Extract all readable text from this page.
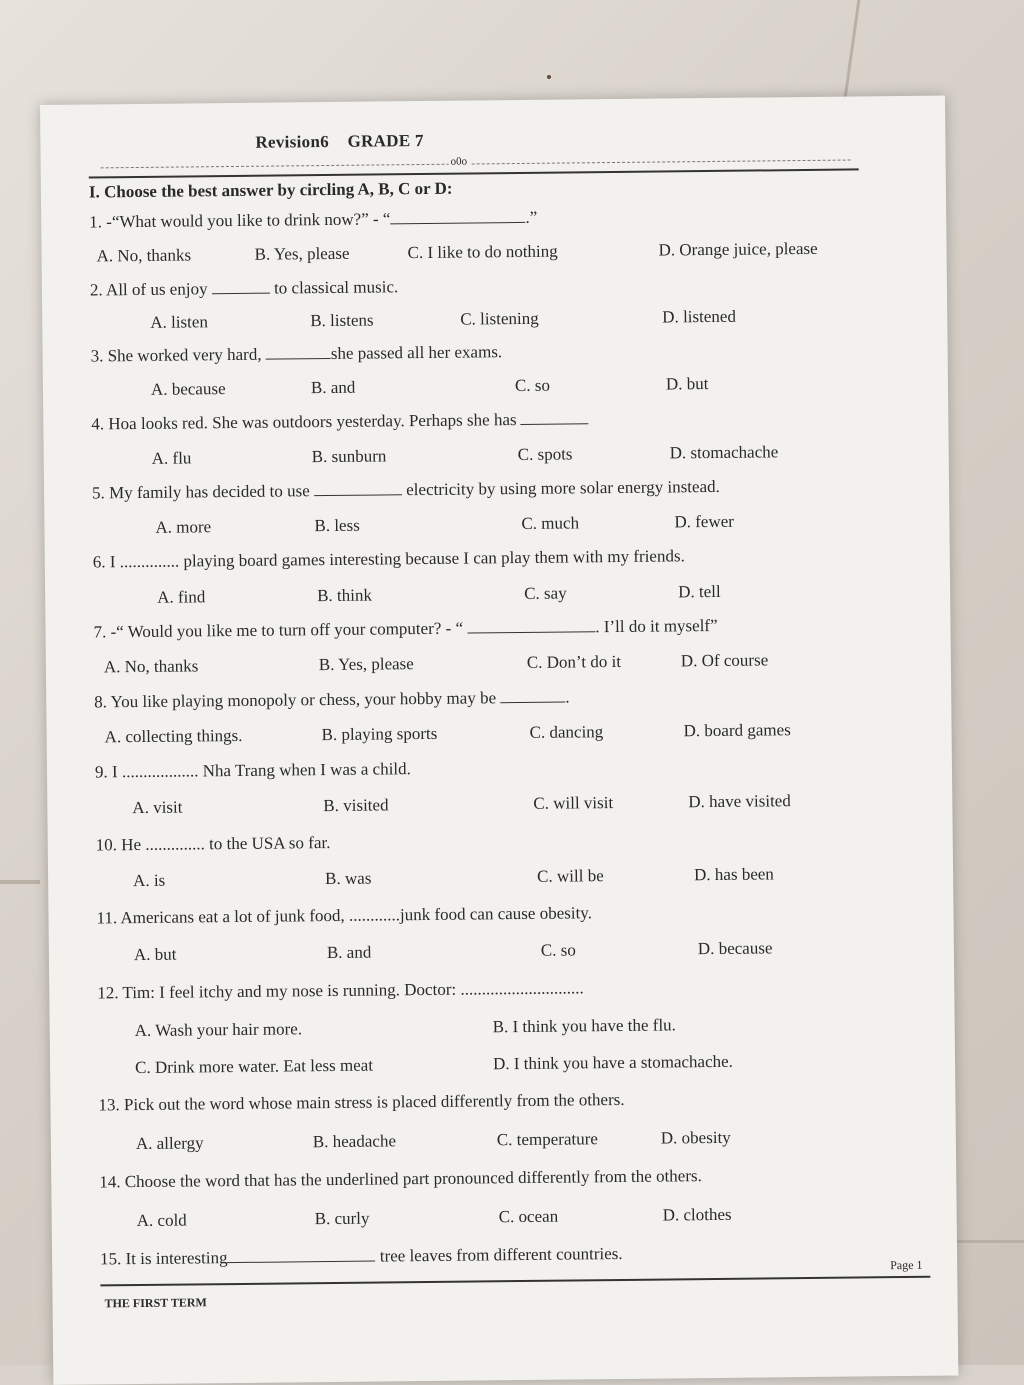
Revision6 GRADE 7
o0o
I. Choose the best answer by circling A, B, C or D:
1. -“What would you like to drink now?” - “	.”
A. No, thanks	B. Yes, please	C. I like to do nothing	D. Orange juice, please
2. All of us enjoy	to classical music.
A. listen	B. listens	C. listening	D. listened
3. She worked very hard,	she passed all her exams.
A. because	B. and	C. so	D. but
4. Hoa looks red. She was outdoors yesterday. Perhaps she has
A. flu	B. sunburn	C. spots	D. stomachache
5. My family has decided to use	electricity by using more solar energy instead.
A. more	B. less	C. much	D. fewer
6. I .............. playing board games interesting because I can play them with my friends.
A. find	B. think	C. say	D. tell
7. -“ Would you like me to turn off your computer? - “	. I’ll do it myself”
A. No, thanks	B. Yes, please	C. Don’t do it	D. Of course
8. You like playing monopoly or chess, your hobby may be	.
A. collecting things.	B. playing sports	C. dancing	D. board games
9. I .................. Nha Trang when I was a child.
A. visit	B. visited	C. will visit	D. have visited
10. He .............. to the USA so far.
A. is	B. was	C. will be	D. has been
11. Americans eat a lot of junk food, ............junk food can cause obesity.
A. but	B. and	C. so	D. because
12. Tim: I feel itchy and my nose is running. Doctor: .............................
A. Wash your hair more.	B. I think you have the flu.
C. Drink more water. Eat less meat	D. I think you have a stomachache.
13. Pick out the word whose main stress is placed differently from the others.
A. allergy	B. headache	C. temperature	D. obesity
14. Choose the word that has the underlined part pronounced differently from the others.
A. cold	B. curly	C. ocean	D. clothes
15. It is interesting	tree leaves from different countries.	Page 1
THE FIRST TERM
